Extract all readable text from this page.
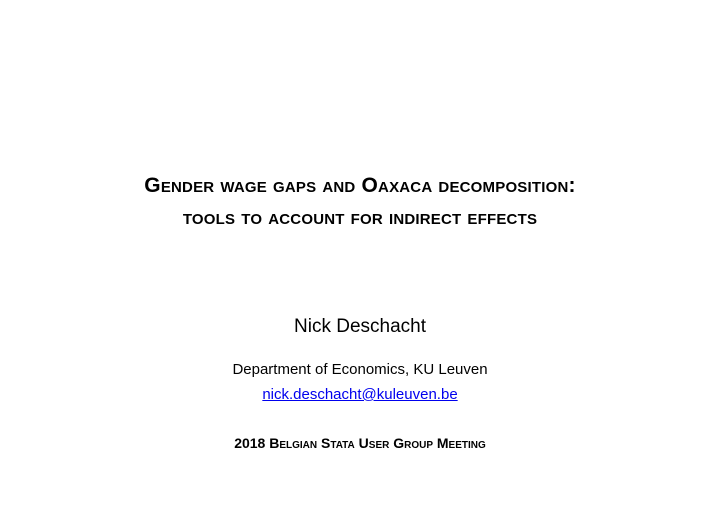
Gender wage gaps and Oaxaca decomposition:
tools to account for indirect effects
Nick Deschacht
Department of Economics, KU Leuven
nick.deschacht@kuleuven.be
2018 Belgian Stata User Group Meeting
